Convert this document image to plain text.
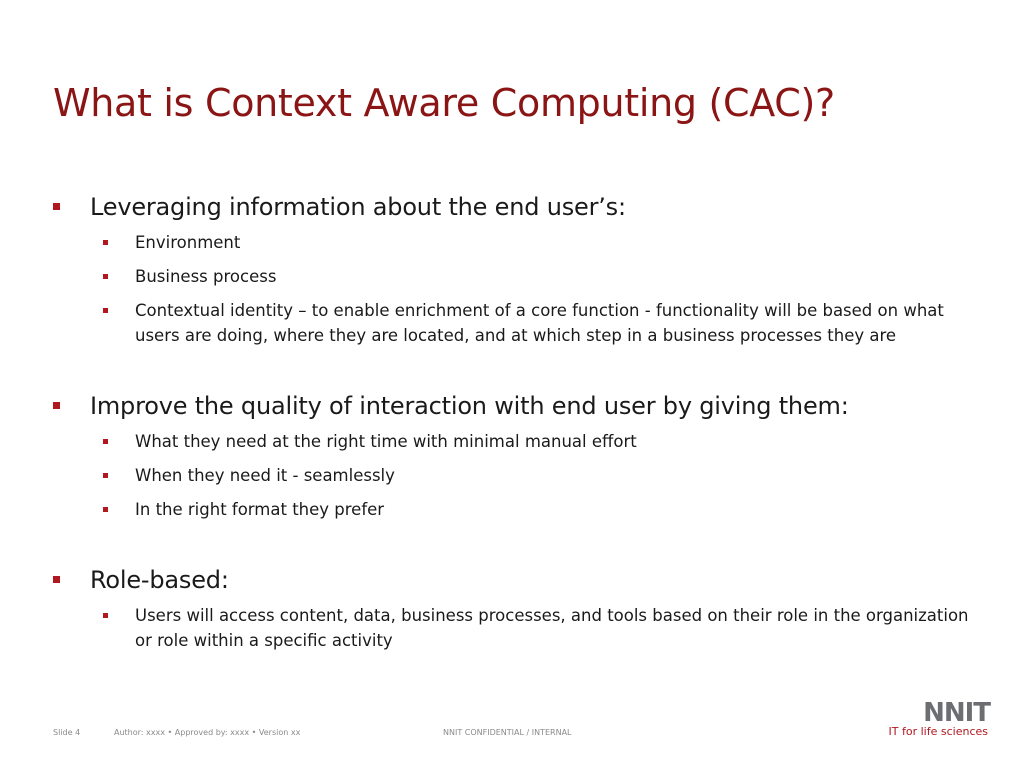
What is Context Aware Computing (CAC)?

Leveraging information about the end user’s:

Environment

Business process

Contextual identity – to enable enrichment of a core function - functionality will be based on what users are doing, where they are located, and at which step in a business processes they are

Improve the quality of interaction with end user by giving them:

What they need at the right time with minimal manual effort

When they need it - seamlessly

In the right format they prefer

Role-based:

Users will access content, data, business processes, and tools based on their role in the organization or role within a specific activity

Slide 4	Author: xxxx • Approved by: xxxx • Version xx	NNIT CONFIDENTIAL / INTERNAL
NNIT
IT for life sciences
